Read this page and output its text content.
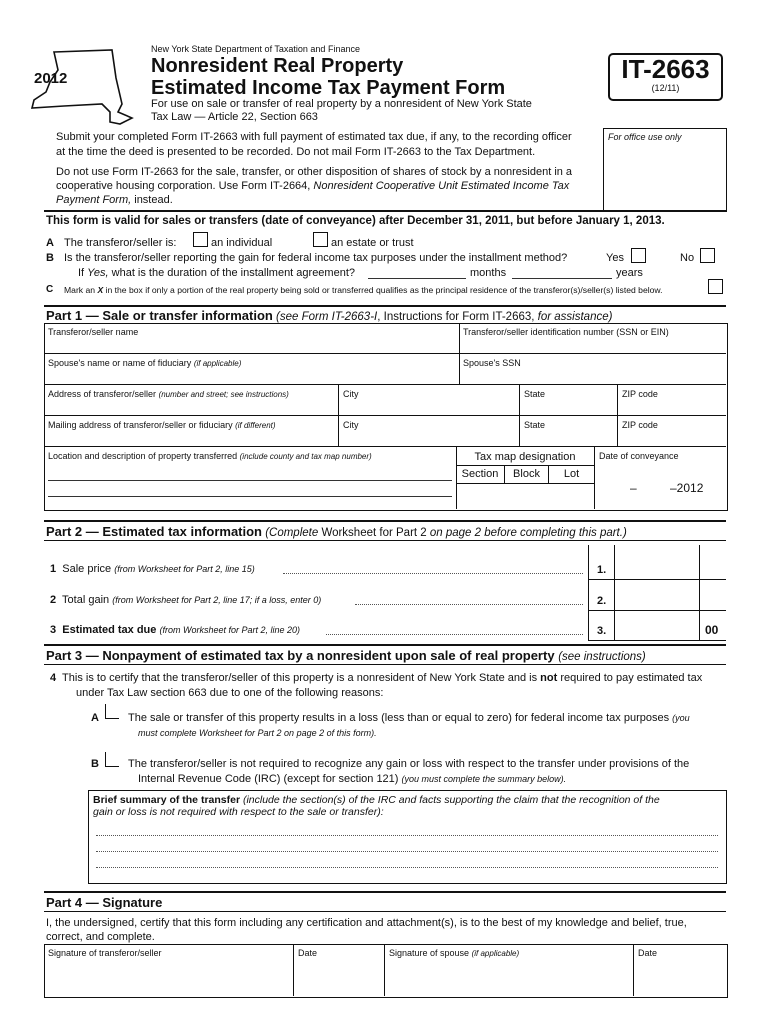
New York State Department of Taxation and Finance
2012
Nonresident Real Property
Estimated Income Tax Payment Form
For use on sale or transfer of real property by a nonresident of New York State
Tax Law — Article 22, Section 663
IT-2663
(12/11)
For office use only
Submit your completed Form IT-2663 with full payment of estimated tax due, if any, to the recording officer
at the time the deed is presented to be recorded. Do not mail Form IT-2663 to the Tax Department.
Do not use Form IT-2663 for the sale, transfer, or other disposition of shares of stock by a nonresident in a
cooperative housing corporation. Use Form IT-2664, Nonresident Cooperative Unit Estimated Income Tax
Payment Form, instead.
This form is valid for sales or transfers (date of conveyance) after December 31, 2011, but before January 1, 2013.
A The transferor/seller is:	an individual	an estate or trust
B Is the transferor/seller reporting the gain for federal income tax purposes under the installment method?	Yes	No
If Yes, what is the duration of the installment agreement?	months	years
C Mark an X in the box if only a portion of the real property being sold or transferred qualifies as the principal residence of the transferor(s)/seller(s) listed below.
Part 1 — Sale or transfer information (see Form IT-2663-I, Instructions for Form IT-2663, for assistance)
Transferor/seller name	Transferor/seller identification number (SSN or EIN)
Spouse's name or name of fiduciary (if applicable)	Spouse's SSN
Address of transferor/seller (number and street; see instructions)	City	State	ZIP code
Mailing address of transferor/seller or fiduciary (if different)	City	State	ZIP code
Location and description of property transferred (include county and tax map number)	Tax map designation
Section	Block	Lot
Date of conveyance
–	–2012
Part 2 — Estimated tax information (Complete Worksheet for Part 2 on page 2 before completing this part.)
1 Sale price (from Worksheet for Part 2, line 15)	1.
2 Total gain (from Worksheet for Part 2, line 17; if a loss, enter 0)	2.
3 Estimated tax due (from Worksheet for Part 2, line 20)	3.	00
Part 3 — Nonpayment of estimated tax by a nonresident upon sale of real property (see instructions)
4 This is to certify that the transferor/seller of this property is a nonresident of New York State and is not required to pay estimated tax
under Tax Law section 663 due to one of the following reasons:
A	The sale or transfer of this property results in a loss (less than or equal to zero) for federal income tax purposes (you
must complete Worksheet for Part 2 on page 2 of this form).
B	The transferor/seller is not required to recognize any gain or loss with respect to the transfer under provisions of the
Internal Revenue Code (IRC) (except for section 121) (you must complete the summary below).
Brief summary of the transfer (include the section(s) of the IRC and facts supporting the claim that the recognition of the
gain or loss is not required with respect to the sale or transfer):
Part 4 — Signature
I, the undersigned, certify that this form including any certification and attachment(s), is to the best of my knowledge and belief, true,
correct, and complete.
Signature of transferor/seller	Date	Signature of spouse (if applicable)	Date
